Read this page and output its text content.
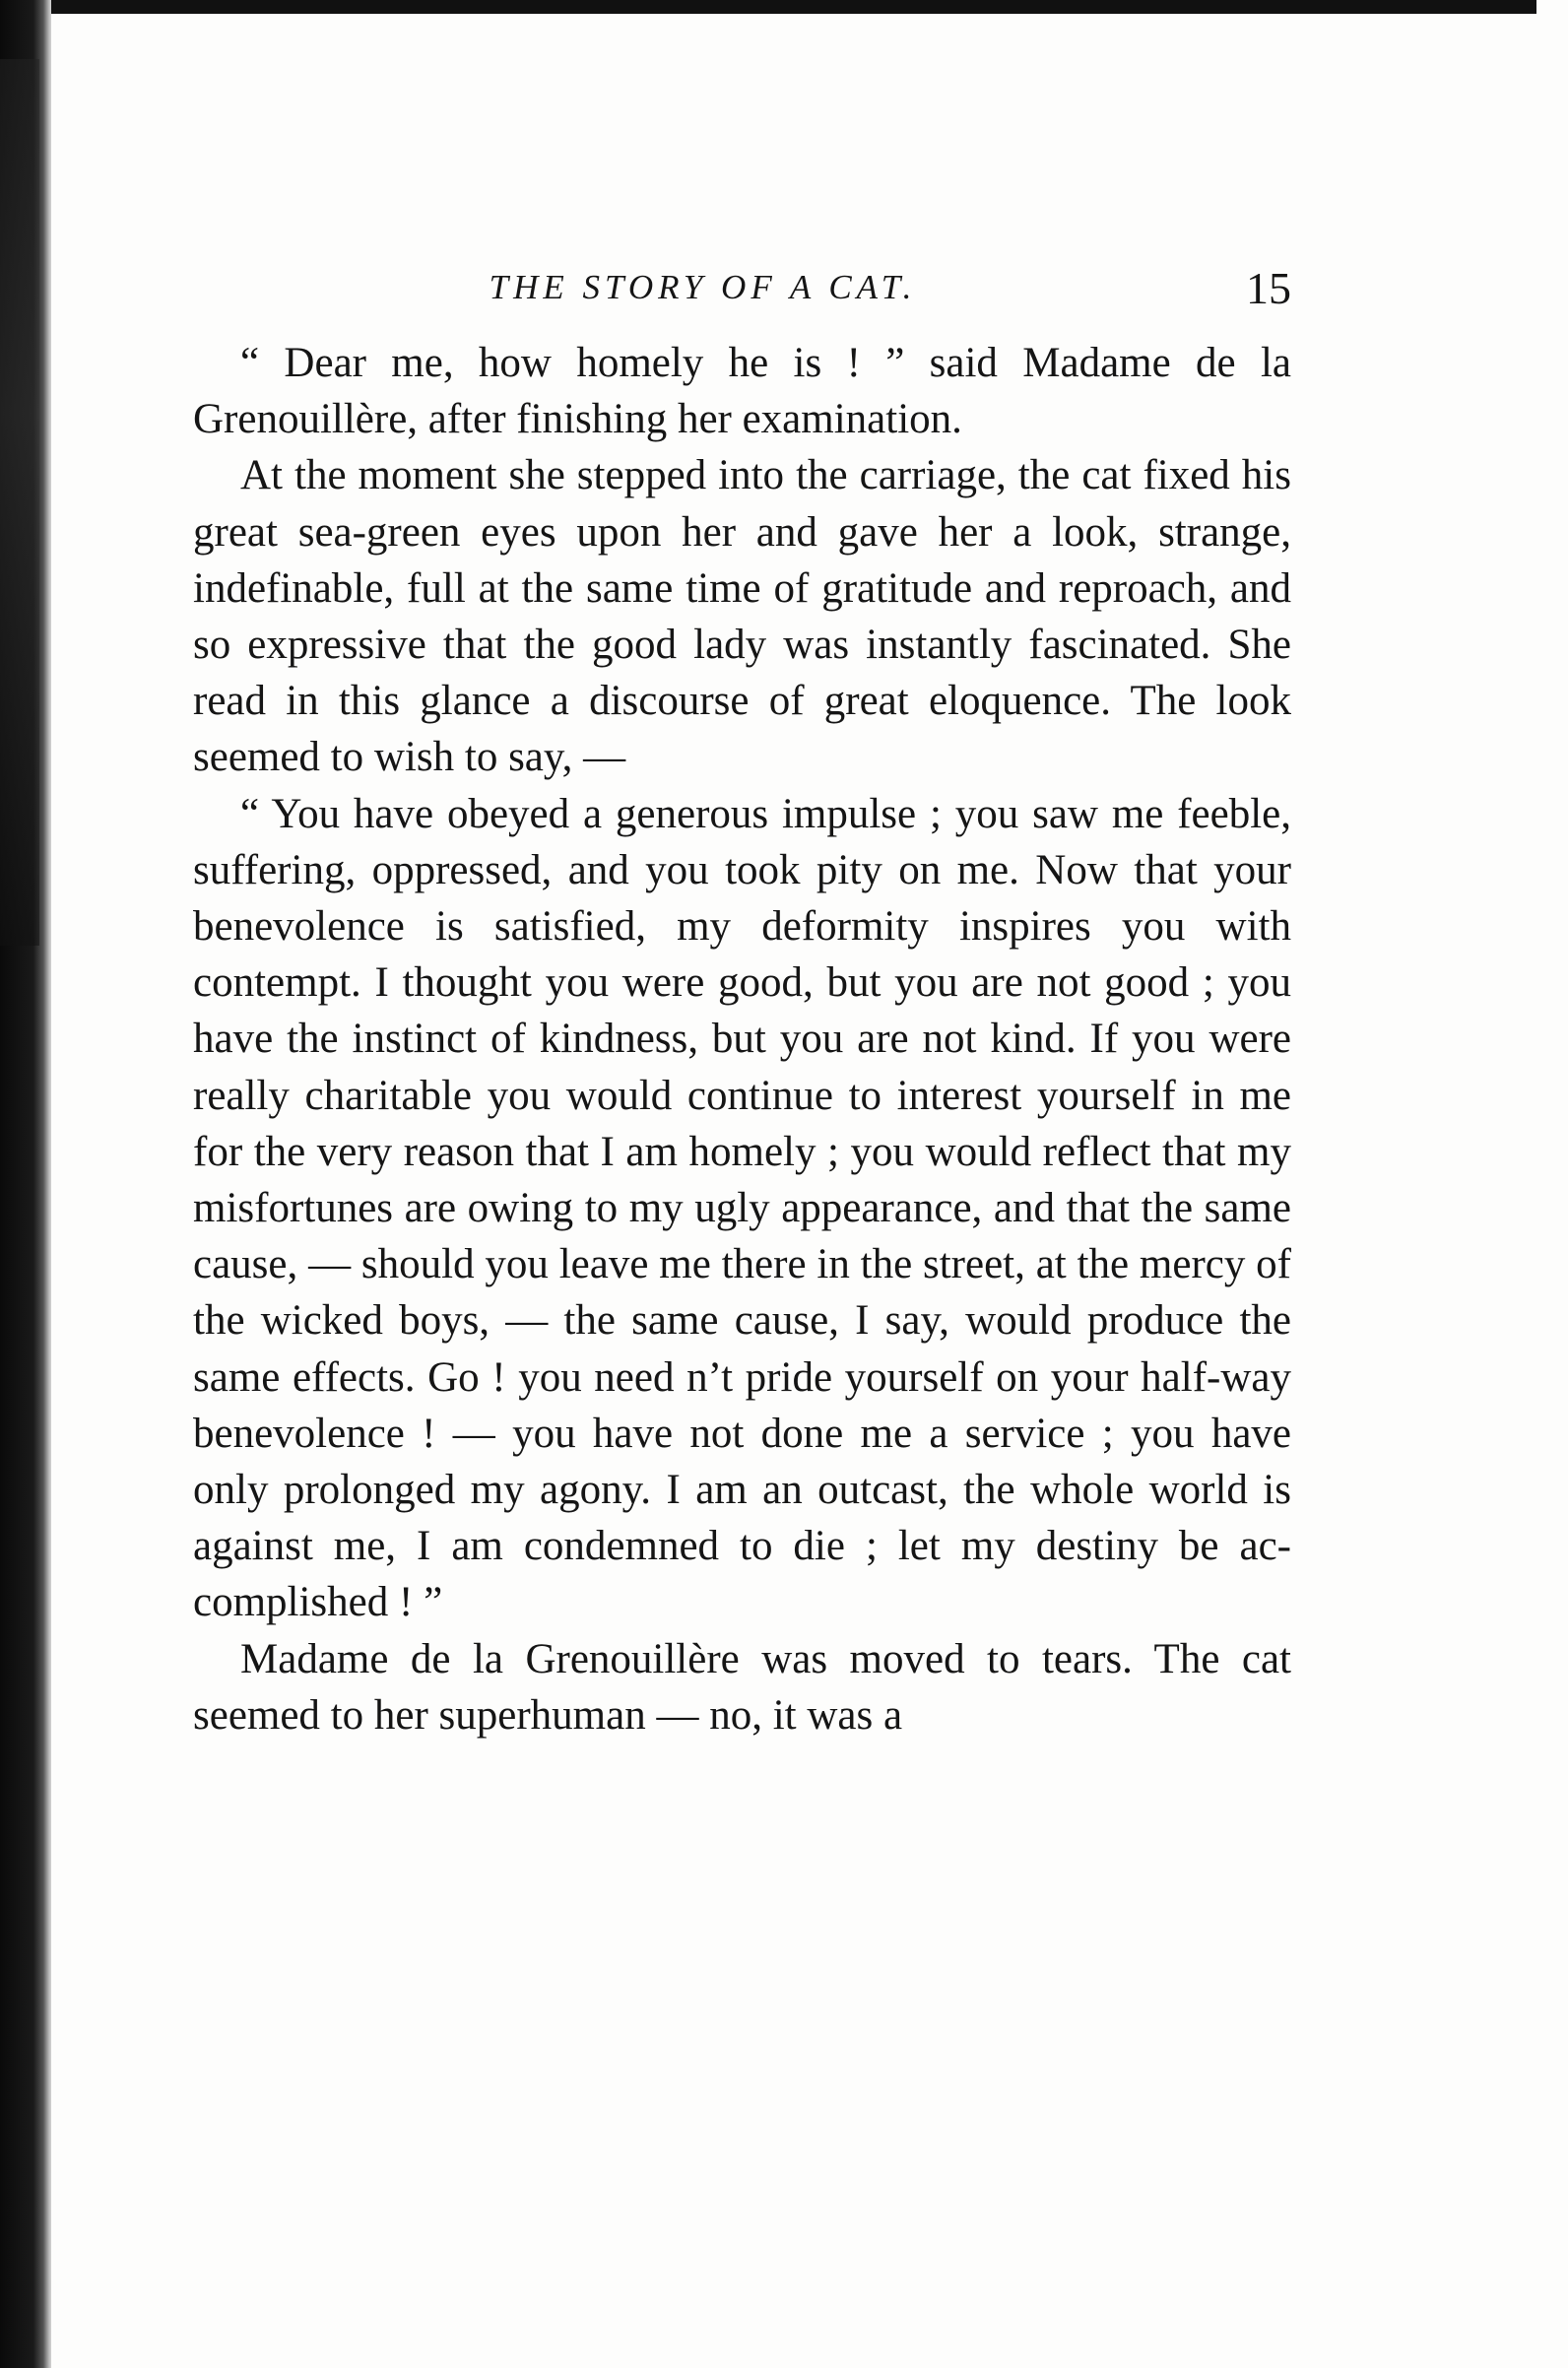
THE STORY OF A CAT.	15

“ Dear me, how homely he is ! ” said Madame de la Grenouillère, after finishing her examination.

At the moment she stepped into the carriage, the cat fixed his great sea-green eyes upon her and gave her a look, strange, indefinable, full at the same time of gratitude and reproach, and so expressive that the good lady was instantly fascinated. She read in this glance a discourse of great eloquence. The look seemed to wish to say, —

“ You have obeyed a generous impulse ; you saw me feeble, suffering, oppressed, and you took pity on me. Now that your benevolence is satisfied, my deformity inspires you with contempt. I thought you were good, but you are not good ; you have the instinct of kindness, but you are not kind. If you were really charitable you would continue to interest yourself in me for the very reason that I am homely ; you would reflect that my misfortunes are owing to my ugly appearance, and that the same cause, — should you leave me there in the street, at the mercy of the wicked boys, — the same cause, I say, would produce the same effects. Go ! you need n’t pride yourself on your half-way benevolence ! — you have not done me a service ; you have only prolonged my agony. I am an outcast, the whole world is against me, I am condemned to die ; let my destiny be accomplished ! ”

Madame de la Grenouillère was moved to tears. The cat seemed to her superhuman — no, it was a
